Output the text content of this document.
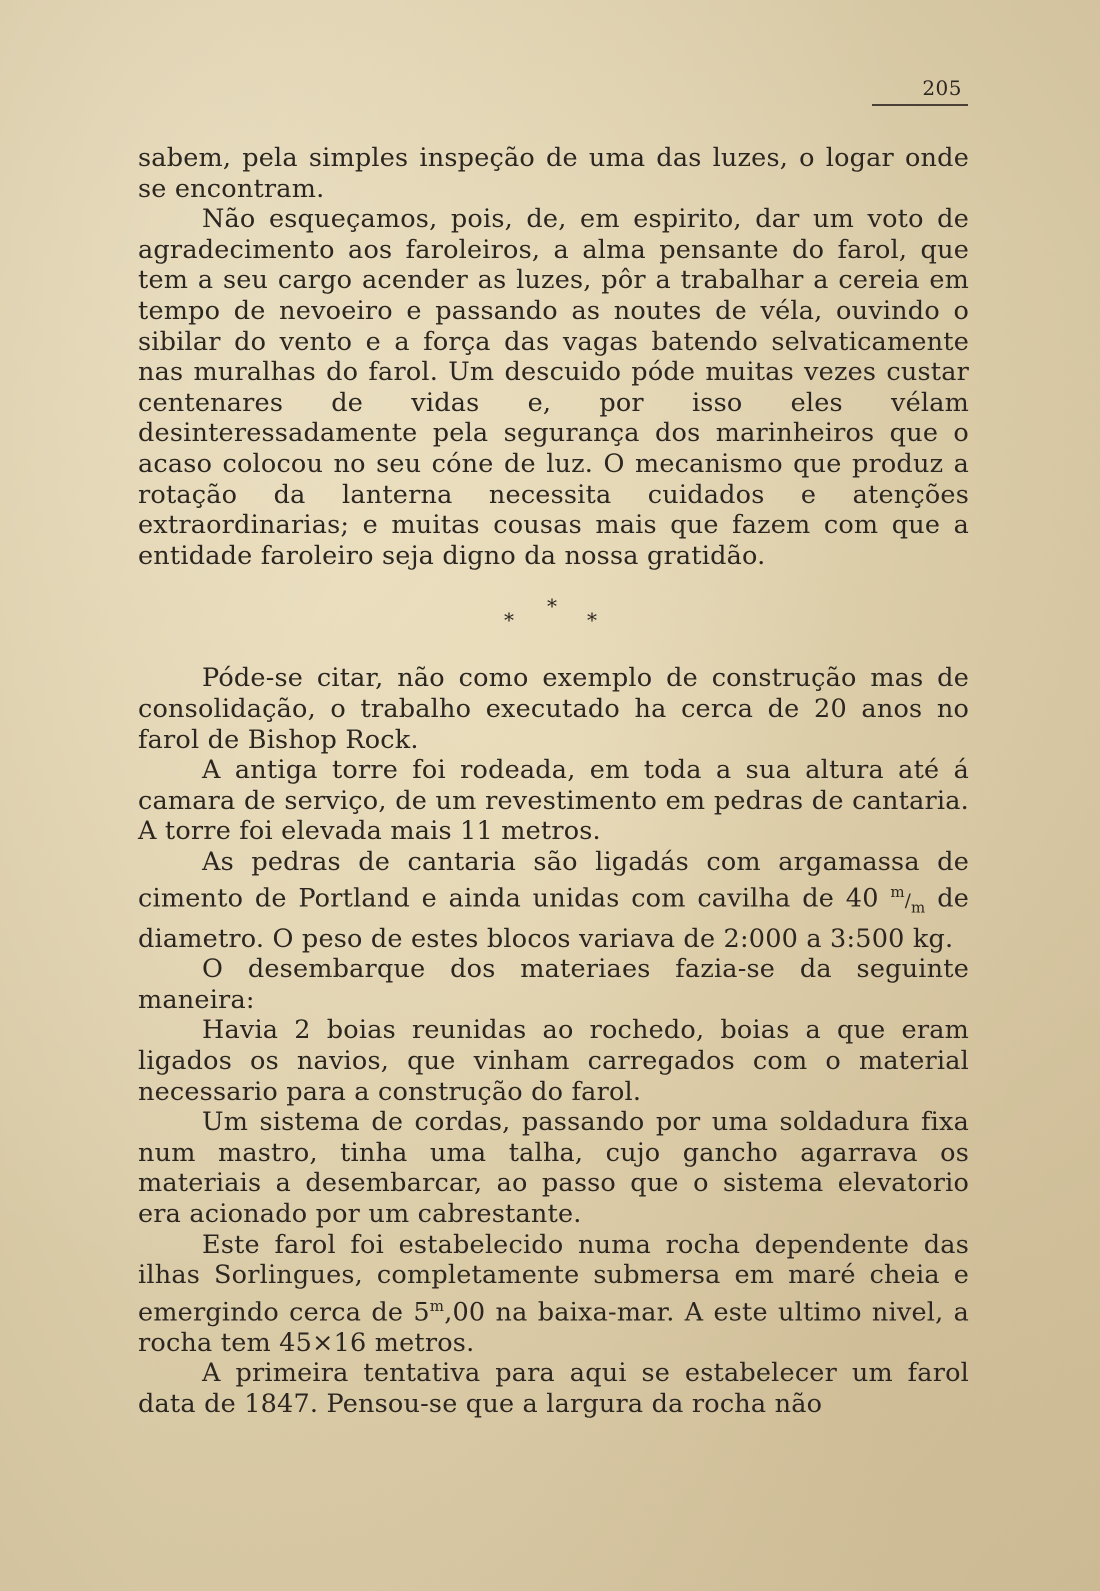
205

sabem, pela simples inspeção de uma das luzes, o logar onde se encontram.

Não esqueçamos, pois, de, em espirito, dar um voto de agradecimento aos faroleiros, a alma pensante do farol, que tem a seu cargo acender as luzes, pôr a trabalhar a cereia em tempo de nevoeiro e passando as noutes de véla, ouvindo o sibilar do vento e a força das vagas batendo selvaticamente nas muralhas do farol. Um descuido póde muitas vezes custar centenares de vidas e, por isso eles vélam desinteressadamente pela segurança dos marinheiros que o acaso colocou no seu cóne de luz. O mecanismo que produz a rotação da lanterna necessita cuidados e atenções extraordinarias; e muitas cousas mais que fazem com que a entidade faroleiro seja digno da nossa gratidão.

*
*	*

Póde-se citar, não como exemplo de construção mas de consolidação, o trabalho executado ha cerca de 20 anos no farol de Bishop Rock.

A antiga torre foi rodeada, em toda a sua altura até á camara de serviço, de um revestimento em pedras de cantaria. A torre foi elevada mais 11 metros.

As pedras de cantaria são ligadás com argamassa de cimento de Portland e ainda unidas com cavilha de 40 $^m/_m$ de diametro. O peso de estes blocos variava de 2:000 a 3:500 kg.

O desembarque dos materiaes fazia-se da seguinte maneira:

Havia 2 boias reunidas ao rochedo, boias a que eram ligados os navios, que vinham carregados com o material necessario para a construção do farol.

Um sistema de cordas, passando por uma soldadura fixa num mastro, tinha uma talha, cujo gancho agarrava os materiais a desembarcar, ao passo que o sistema elevatorio era acionado por um cabrestante.

Este farol foi estabelecido numa rocha dependente das ilhas Sorlingues, completamente submersa em maré cheia e emergindo cerca de 5$^m$,00 na baixa-mar. A este ultimo nivel, a rocha tem 45×16 metros.

A primeira tentativa para aqui se estabelecer um farol data de 1847. Pensou-se que a largura da rocha não
